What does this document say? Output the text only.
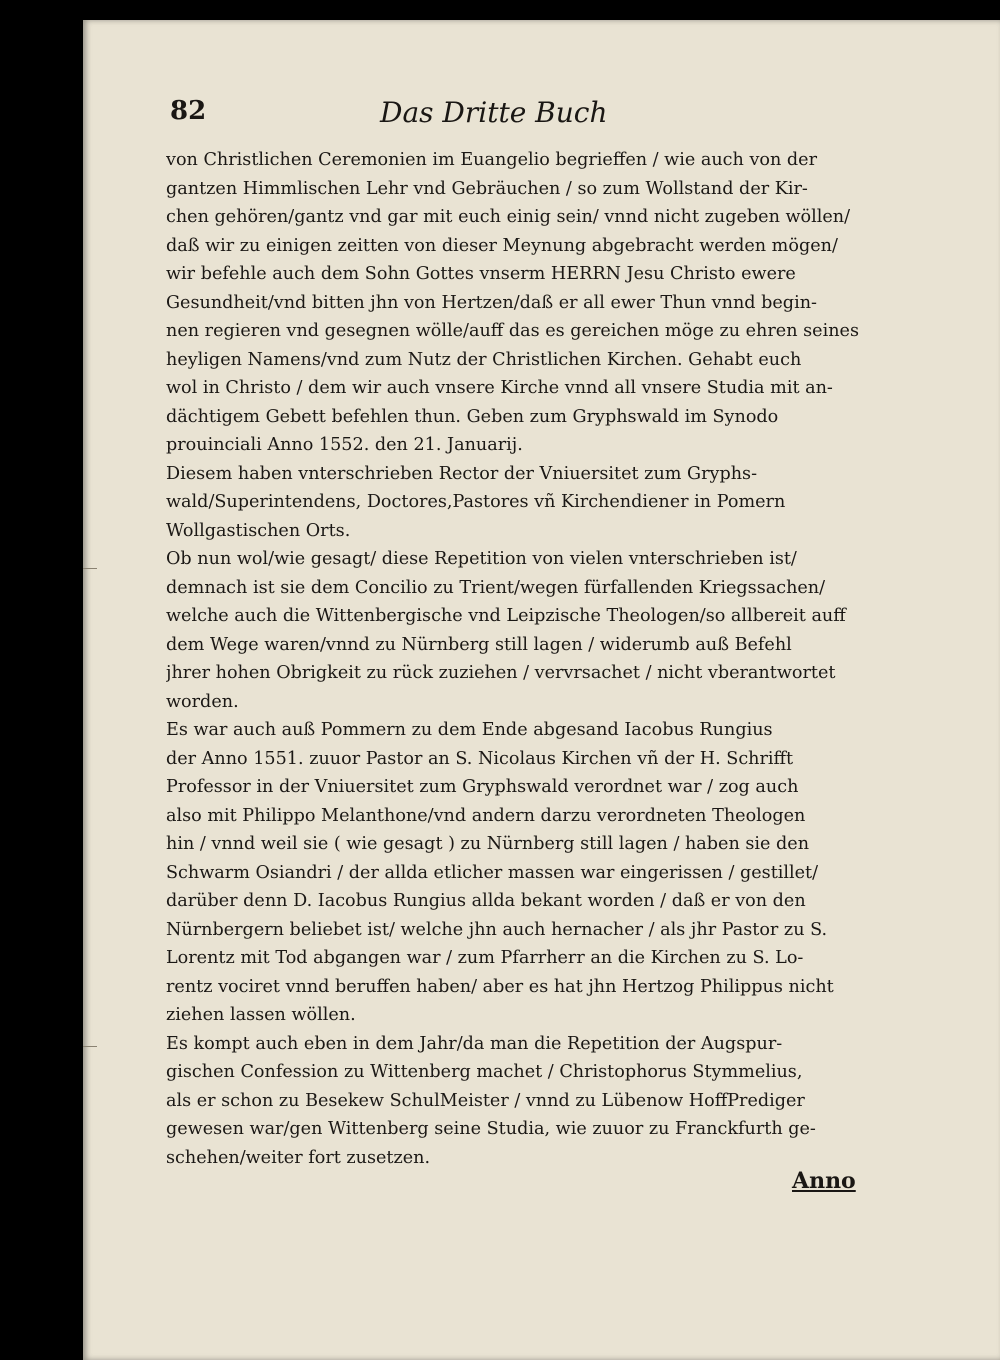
82	Das Dritte Buch
von Christlichen Ceremonien im Euangelio begrieffen / wie auch von der
gantzen Himmlischen Lehr vnd Gebräuchen / so zum Wollstand der Kir-
chen gehören/gantz vnd gar mit euch einig sein/ vnnd nicht zugeben wöllen/
daß wir zu einigen zeitten von dieser Meynung abgebracht werden mögen/
wir befehle auch dem Sohn Gottes vnserm HERRN Jesu Christo ewere
Gesundheit/vnd bitten jhn von Hertzen/daß er all ewer Thun vnnd begin-
nen regieren vnd gesegnen wölle/auff das es gereichen möge zu ehren seines
heyligen Namens/vnd zum Nutz der Christlichen Kirchen. Gehabt euch
wol in Christo / dem wir auch vnsere Kirche vnnd all vnsere Studia mit an-
dächtigem Gebett befehlen thun. Geben zum Gryphswald im Synodo
prouinciali Anno 1552. den 21. Januarij.
Diesem haben vnterschrieben Rector der Vniuersitet zum Gryphs-
wald/Superintendens, Doctores,Pastores vñ Kirchendiener in Pomern
Wollgastischen Orts.
Ob nun wol/wie gesagt/ diese Repetition von vielen vnterschrieben ist/
demnach ist sie dem Concilio zu Trient/wegen fürfallenden Kriegssachen/
welche auch die Wittenbergische vnd Leipzische Theologen/so allbereit auff
dem Wege waren/vnnd zu Nürnberg still lagen / widerumb auß Befehl
jhrer hohen Obrigkeit zu rück zuziehen / vervrsachet / nicht vberantwortet
worden.
Es war auch auß Pommern zu dem Ende abgesand Iacobus Rungius
der Anno 1551. zuuor Pastor an S. Nicolaus Kirchen vñ der H. Schrifft
Professor in der Vniuersitet zum Gryphswald verordnet war / zog auch
also mit Philippo Melanthone/vnd andern darzu verordneten Theologen
hin / vnnd weil sie ( wie gesagt ) zu Nürnberg still lagen / haben sie den
Schwarm Osiandri / der allda etlicher massen war eingerissen / gestillet/
darüber denn D. Iacobus Rungius allda bekant worden / daß er von den
Nürnbergern beliebet ist/ welche jhn auch hernacher / als jhr Pastor zu S.
Lorentz mit Tod abgangen war / zum Pfarrherr an die Kirchen zu S. Lo-
rentz vociret vnnd beruffen haben/ aber es hat jhn Hertzog Philippus nicht
ziehen lassen wöllen.
Es kompt auch eben in dem Jahr/da man die Repetition der Augspur-
gischen Confession zu Wittenberg machet / Christophorus Stymmelius,
als er schon zu Besekew SchulMeister / vnnd zu Lübenow HoffPrediger
gewesen war/gen Wittenberg seine Studia, wie zuuor zu Franckfurth ge-
schehen/weiter fort zusetzen.
Anno
